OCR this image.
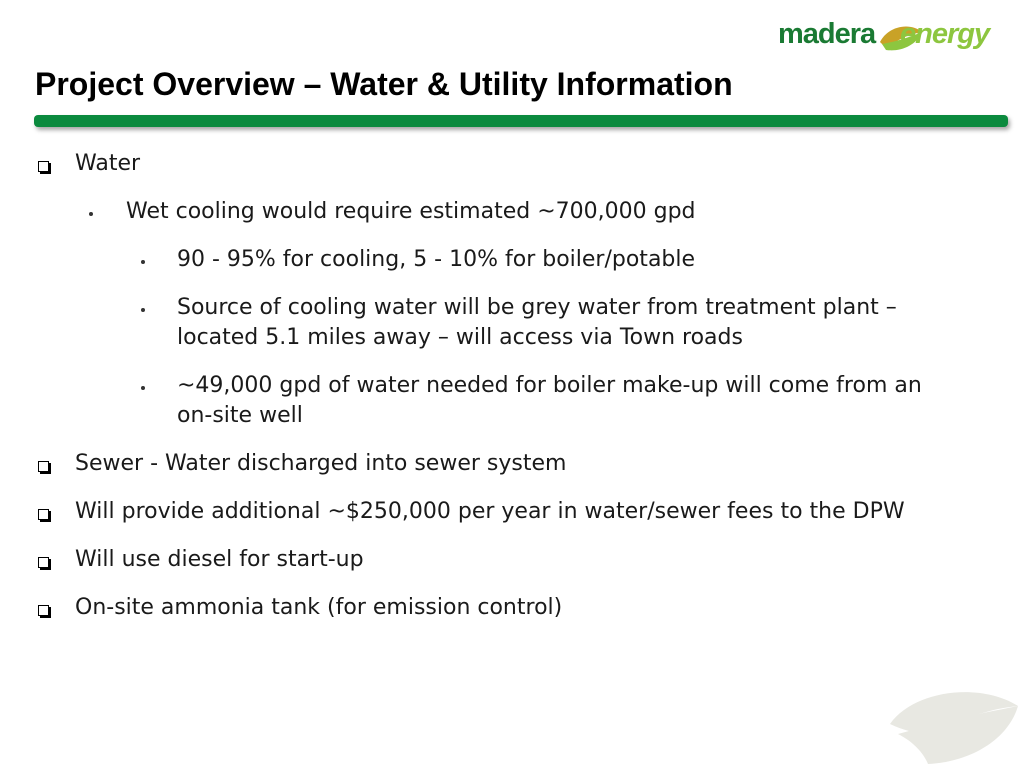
madera energy
Project Overview – Water & Utility Information
Water
Wet cooling would require estimated ~700,000 gpd
90 - 95% for cooling, 5 - 10% for boiler/potable
Source of cooling water will be grey water from treatment plant –
located 5.1 miles away – will access via Town roads
~49,000 gpd of water needed for boiler make-up will come from an
on-site well
Sewer - Water discharged into sewer system
Will provide additional ~$250,000 per year in water/sewer fees to the DPW
Will use diesel for start-up
On-site ammonia tank (for emission control)
